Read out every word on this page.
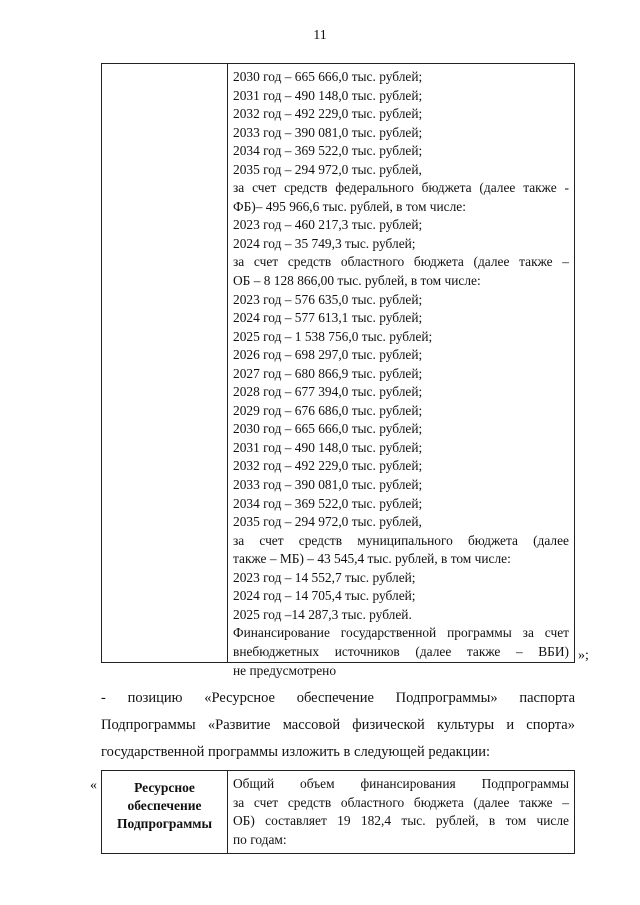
11
2030 год – 665 666,0 тыс. рублей;
2031 год – 490 148,0 тыс. рублей;
2032 год – 492 229,0 тыс. рублей;
2033 год – 390 081,0 тыс. рублей;
2034 год – 369 522,0 тыс. рублей;
2035 год – 294 972,0 тыс. рублей,
за счет средств федерального бюджета (далее также -
ФБ)– 495 966,6 тыс. рублей, в том числе:
2023 год – 460 217,3 тыс. рублей;
2024 год – 35 749,3 тыс. рублей;
за счет средств областного бюджета (далее также –
ОБ – 8 128 866,00 тыс. рублей, в том числе:
2023 год – 576 635,0 тыс. рублей;
2024 год – 577 613,1 тыс. рублей;
2025 год – 1 538 756,0 тыс. рублей;
2026 год – 698 297,0 тыс. рублей;
2027 год – 680 866,9 тыс. рублей;
2028 год – 677 394,0 тыс. рублей;
2029 год – 676 686,0 тыс. рублей;
2030 год – 665 666,0 тыс. рублей;
2031 год – 490 148,0 тыс. рублей;
2032 год – 492 229,0 тыс. рублей;
2033 год – 390 081,0 тыс. рублей;
2034 год – 369 522,0 тыс. рублей;
2035 год – 294 972,0 тыс. рублей,
за счет средств муниципального бюджета (далее
также – МБ) – 43 545,4 тыс. рублей, в том числе:
2023 год – 14 552,7 тыс. рублей;
2024 год – 14 705,4 тыс. рублей;
2025 год –14 287,3 тыс. рублей.
Финансирование государственной программы за счет
внебюджетных источников (далее также – ВБИ)
не предусмотрено
»;
- позицию «Ресурсное обеспечение Подпрограммы» паспорта
Подпрограммы «Развитие массовой физической культуры и спорта»
государственной программы изложить в следующей редакции:
«	Ресурсное
обеспечение
Подпрограммы
Общий объем финансирования Подпрограммы
за счет средств областного бюджета (далее также –
ОБ) составляет 19 182,4 тыс. рублей, в том числе
по годам:
